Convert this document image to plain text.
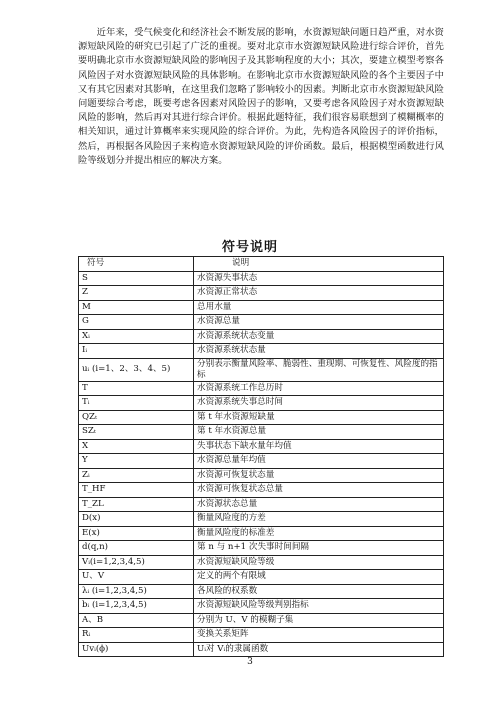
近年来，受气候变化和经济社会不断发展的影响，水资源短缺问题日趋严重，对水资源短缺风险的研究已引起了广泛的重视。要对北京市水资源短缺风险进行综合评价，首先要明确北京市水资源短缺风险的影响因子及其影响程度的大小；其次，要建立模型考察各风险因子对水资源短缺风险的具体影响。在影响北京市水资源短缺风险的各个主要因子中又有其它因素对其影响，在这里我们忽略了影响较小的因素。判断北京市水资源短缺风险问题要综合考虑，既要考虑各因素对风险因子的影响，又要考虑各风险因子对水资源短缺风险的影响，然后再对其进行综合评价。根据此题特征，我们很容易联想到了模糊概率的相关知识，通过计算概率来实现风险的综合评价。为此，先构造各风险因子的评价指标，然后，再根据各风险因子来构造水资源短缺风险的评价函数。最后，根据模型函数进行风险等级划分并提出相应的解决方案。

符号说明
符号	说明
S	水资源失事状态
Z	水资源正常状态
M	总用水量
G	水资源总量
Xᵢ	水资源系统状态变量
Iᵢ	水资源系统状态量
uᵢ (i=1、2、3、4、5)	分别表示衡量风险率、脆弱性、重现期、可恢复性、风险度的指标
T	水资源系统工作总历时
Tᵢ	水资源系统失事总时间
QZₜ	第 t 年水资源短缺量
SZₜ	第 t 年水资源总量
X	失事状态下缺水量年均值
Y	水资源总量年均值
Zᵢ	水资源可恢复状态量
T_HF	水资源可恢复状态总量
T_ZL	水资源状态总量
D(x)	衡量风险度的方差
E(x)	衡量风险度的标准差
d(q,n)	第 n 与 n+1 次失事时间间隔
Vᵢ(i=1,2,3,4,5)	水资源短缺风险等级
U、V	定义的两个有限域
λᵢ (i=1,2,3,4,5)	各风险的权系数
bᵢ (i=1,2,3,4,5)	水资源短缺风险等级判别指标
A、B	分别为 U、V 的模糊子集
Rᵢ	变换关系矩阵
Uvᵢ(ϕ)	Uᵢ对 Vᵢ的隶属函数
3
